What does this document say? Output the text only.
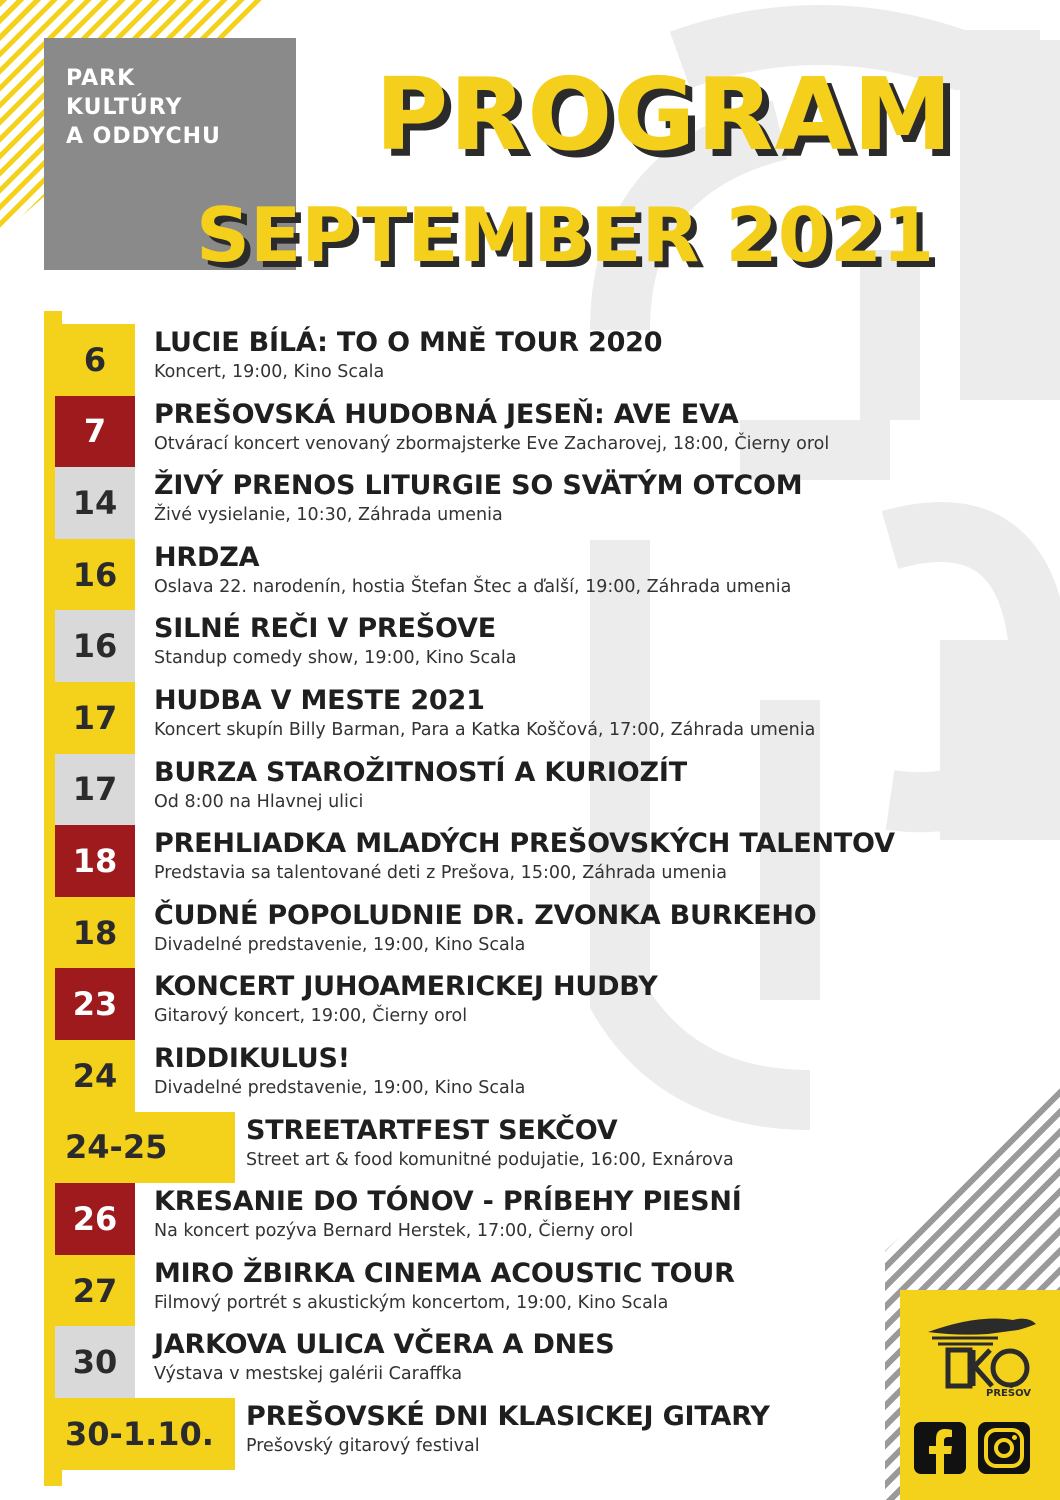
PARK
KULTÚRY
A ODDYCHU	PROGRAM
SEPTEMBER 2021
6	LUCIE BÍLÁ: TO O MNĚ TOUR 2020
Koncert, 19:00, Kino Scala
7	PREŠOVSKÁ HUDOBNÁ JESEŇ: AVE EVA
Otvárací koncert venovaný zbormajsterke Eve Zacharovej, 18:00, Čierny orol
14	ŽIVÝ PRENOS LITURGIE SO SVÄTÝM OTCOM
Živé vysielanie, 10:30, Záhrada umenia
16	HRDZA
Oslava 22. narodenín, hostia Štefan Štec a ďalší, 19:00, Záhrada umenia
16	SILNÉ REČI V PREŠOVE
Standup comedy show, 19:00, Kino Scala
17	HUDBA V MESTE 2021
Koncert skupín Billy Barman, Para a Katka Koščová, 17:00, Záhrada umenia
17	BURZA STAROŽITNOSTÍ A KURIOZÍT
Od 8:00 na Hlavnej ulici
18	PREHLIADKA MLADÝCH PREŠOVSKÝCH TALENTOV
Predstavia sa talentované deti z Prešova, 15:00, Záhrada umenia
18	ČUDNÉ POPOLUDNIE DR. ZVONKA BURKEHO
Divadelné predstavenie, 19:00, Kino Scala
23	KONCERT JUHOAMERICKEJ HUDBY
Gitarový koncert, 19:00, Čierny orol
24	RIDDIKULUS!
Divadelné predstavenie, 19:00, Kino Scala
24-25	STREETARTFEST SEKČOV
Street art & food komunitné podujatie, 16:00, Exnárova
26	KRESANIE DO TÓNOV - PRÍBEHY PIESNÍ
Na koncert pozýva Bernard Herstek, 17:00, Čierny orol
27	MIRO ŽBIRKA CINEMA ACOUSTIC TOUR
Filmový portrét s akustickým koncertom, 19:00, Kino Scala
30	JARKOVA ULICA VČERA A DNES
Výstava v mestskej galérii Caraffka
30-1.10.	PREŠOVSKÉ DNI KLASICKEJ GITARY
Prešovský gitarový festival
PREŠOV
